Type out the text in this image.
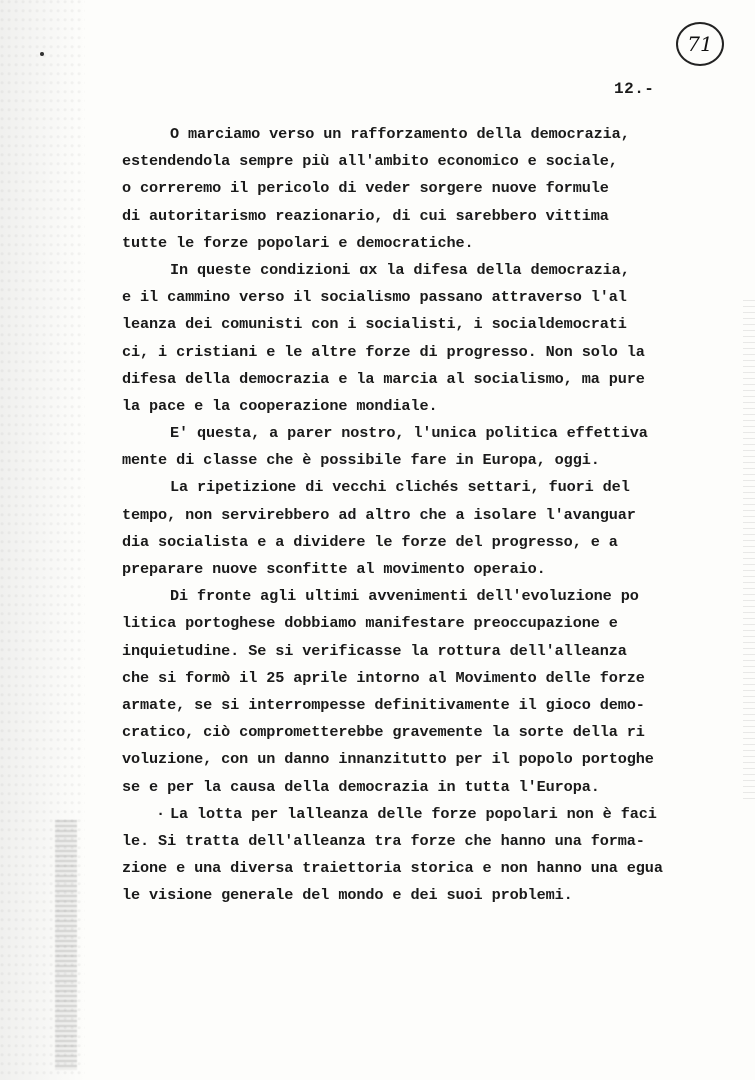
71
12.-
O marciamo verso un rafforzamento della democrazia,
estendendola sempre più all'ambito economico e sociale,
o correremo il pericolo di veder sorgere nuove formule
di autoritarismo reazionario, di cui sarebbero vittima
tutte le forze popolari e democratiche.
In queste condizioni ɑx la difesa della democrazia,
e il cammino verso il socialismo passano attraverso l'al
leanza dei comunisti con i socialisti, i socialdemocrati
ci, i cristiani e le altre forze di progresso. Non solo la
difesa della democrazia e la marcia al socialismo, ma pure
la pace e la cooperazione mondiale.
E' questa, a parer nostro, l'unica politica effettiva
mente di classe che è possibile fare in Europa, oggi.
La ripetizione di vecchi clichés settari, fuori del
tempo, non servirebbero ad altro che a isolare l'avanguar
dia socialista e a dividere le forze del progresso, e a
preparare nuove sconfitte al movimento operaio.
Di fronte agli ultimi avvenimenti dell'evoluzione po
litica portoghese dobbiamo manifestare preoccupazione e
inquietudine. Se si verificasse la rottura dell'alleanza
che si formò il 25 aprile intorno al Movimento delle forze
armate, se si interrompesse definitivamente il gioco demo-
cratico, ciò comprometterebbe gravemente la sorte della ri
voluzione, con un danno innanzitutto per il popolo portoghe
se e per la causa della democrazia in tutta l'Europa.
· La lotta per lalleanza delle forze popolari non è faci
le. Si tratta dell'alleanza tra forze che hanno una forma-
zione e una diversa traiettoria storica e non hanno una egua
le visione generale del mondo e dei suoi problemi.
